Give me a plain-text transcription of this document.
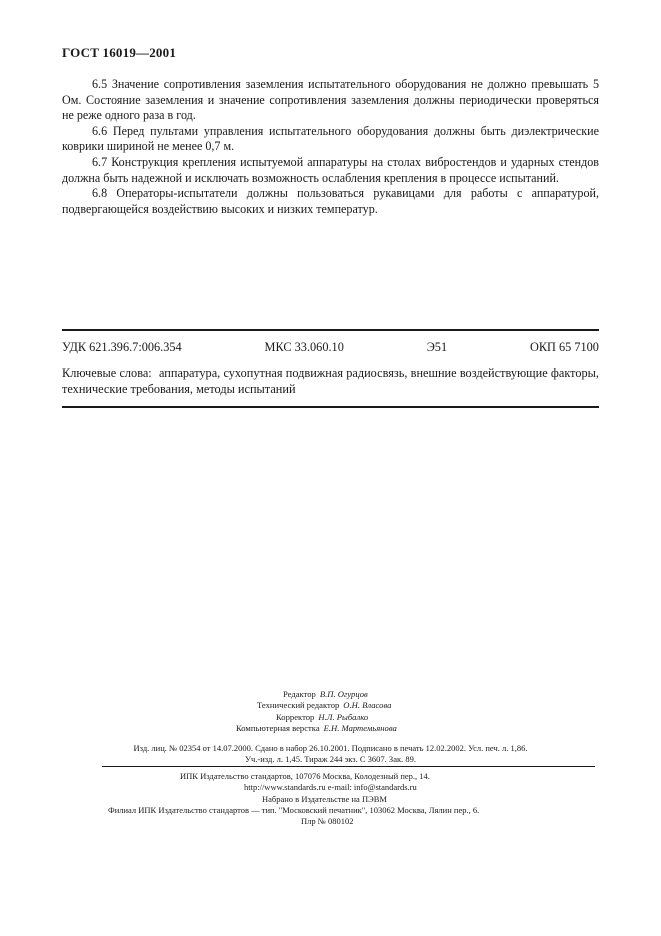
ГОСТ 16019—2001

6.5 Значение сопротивления заземления испытательного оборудования не должно превышать 5 Ом. Состояние заземления и значение сопротивления заземления должны периодически проверяться не реже одного раза в год.

6.6 Перед пультами управления испытательного оборудования должны быть диэлектрические коврики шириной не менее 0,7 м.

6.7 Конструкция крепления испытуемой аппаратуры на столах вибростендов и ударных стендов должна быть надежной и исключать возможность ослабления крепления в процессе испытаний.

6.8 Операторы-испытатели должны пользоваться рукавицами для работы с аппаратурой, подвергающейся воздействию высоких и низких температур.

УДК 621.396.7:006.354	МКС 33.060.10	Э51	ОКП 65 7100
Ключевые слова: аппаратура, сухопутная подвижная радиосвязь, внешние воздействующие факторы, технические требования, методы испытаний
Редактор В.П. Огурцов
Технический редактор О.Н. Власова
Корректор Н.Л. Рыбалко
Компьютерная верстка Е.Н. Мартемьянова
Изд. лиц. № 02354 от 14.07.2000. Сдано в набор 26.10.2001. Подписано в печать 12.02.2002. Усл. печ. л. 1,86.
Уч.-изд. л. 1,45. Тираж 244 экз. С 3607. Зак. 89.
ИПК Издательство стандартов, 107076 Москва, Колодезный пер., 14.
http://www.standards.ru e-mail: info@standards.ru
Набрано в Издательстве на ПЭВМ
Филиал ИПК Издательство стандартов — тип. "Московский печатник", 103062 Москва, Лялин пер., 6.
Плр № 080102
